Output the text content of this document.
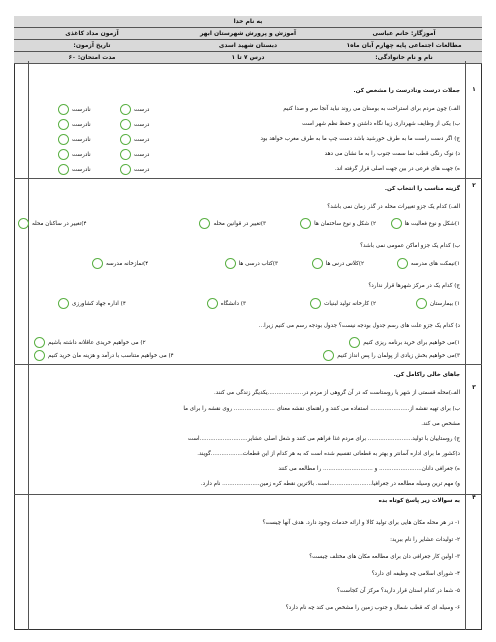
به نام خدا
آموزگار: خانم عباسی
آموزش و پرورش شهرستان ابهر
آزمون مداد کاغذی
مطالعات اجتماعی پایه چهارم آبان ماه۱
دبستان شهید اسدی
تاریخ آزمون:
نام و نام خانوادگی:
درس ۷ تا ۱
مدت امتحان: ۶۰
۱
جملات درست ونادرست را مشخص کن.
الف) چون مردم برای استراحت به بوستان می روند نباید آنجا سر و صدا کنیم
ب) یکی از وظایف شهرداری زیبا نگاه داشتن و حفظ نظم شهر است
ج) اگر دست راست ما به طرف خورشید باشد دست چپ ما به طرف مغرب خواهد بود
د) نوک رنگی قطب نما سمت جنوب را به ما نشان می دهد
ه) جهت های فرعی در بین جهت اصلی قرار گرفته اند.
درست
نادرست
درست
نادرست
درست
نادرست
درست
نادرست
درست
نادرست
۲
گزینه مناسب را انتخاب کن.
الف) کدام یک جزو تغییرات محله در گذر زمان نمی باشد؟
۱)شکل و نوع فعالیت ها
۲) شکل و نوع ساختمان ها
۳)تغییر در قوانین محله
۴)تغییر در ساکنان محله
ب) کدام یک جزو اماکن عمومی نمی باشد؟
۱)نیمکت های مدرسه
۲)کلاس درس ها
۳)کتاب درسی ها
۴)نمازخانه مدرسه
ج) کدام یک در مرکز شهرها قرار ندارد؟
۱) بیمارستان
۲) کارخانه تولید لبنیات
۳) دانشگاه
۴) اداره جهاد کشاورزی
د) کدام یک جزو علت های رسم جدول بودجه نیست؟ جدول بودجه رسم می کنیم زیرا…
۱)می خواهیم برای خرید برنامه ریزی کنیم
۲) می خواهیم خریدی عاقلانه داشته باشیم
۳)می خواهیم بخش زیادی از پولمان را پس انداز کنیم
۴) می خواهیم متناسب با درآمد و هزینه مان خرید کنیم
۳
جاهای خالی راکامل کن.
الف)محله قسمتی از شهر یا روستاست که در آن گروهی از مردم در....................یکدیگر زندگی می کنند.
ب) برای تهیه نقشه از...................... استفاده می کنند و راهنمای نقشه معنای ....................... روی نقشه را برای ما
مشخص می کند.
ج) روستاییان با تولید......................... برای مردم غذا فراهم می کنند و شغل اصلی عشایر...........................است
د)کشور ما برای اداره آسانتر و بهتر به قطعاتی تقسیم شده است که به هر کدام از این قطعات..................گویند.
ه) جغرافی دانان........................ و ............................ را مطالعه می کنند
و) مهم ترین وسیله مطالعه در جغرافیا........................است. بالاترین نقطه کره زمین..................... نام دارد.
۴
به سوالات زیر پاسخ کوتاه بده
۱- در هر محله مکان هایی برای تولید کالا و ارائه خدمات وجود دارد. هدف آنها چیست؟
۲- تولیدات عشایر را نام ببرید:
۳- اولین کار جغرافی دان برای مطالعه مکان های مختلف چیست؟
۴- شورای اسلامی چه وظیفه ای دارد؟
۵- شما در کدام استان قرار دارید؟ مرکز آن کجاست؟
۶- وسیله ای که قطب شمال و جنوب زمین را مشخص می کند چه نام دارد؟
